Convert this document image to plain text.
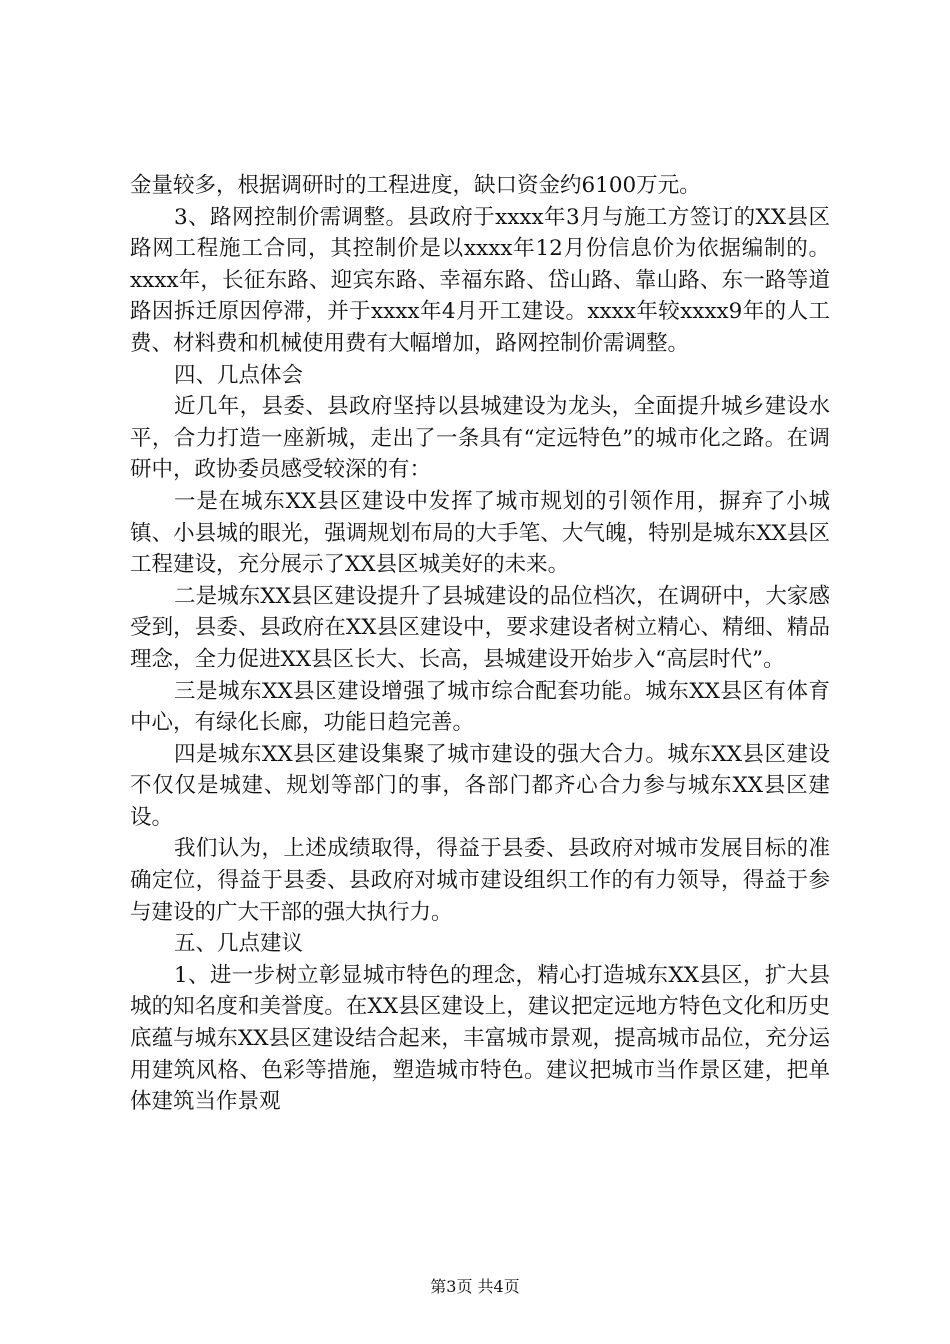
金量较多，根据调研时的工程进度，缺口资金约6100万元。

3、路网控制价需调整。县政府于xxxx年3月与施工方签订的XX县区路网工程施工合同，其控制价是以xxxx年12月份信息价为依据编制的。xxxx年，长征东路、迎宾东路、幸福东路、岱山路、靠山路、东一路等道路因拆迁原因停滞，并于xxxx年4月开工建设。xxxx年较xxxx9年的人工费、材料费和机械使用费有大幅增加，路网控制价需调整。

四、几点体会

近几年，县委、县政府坚持以县城建设为龙头，全面提升城乡建设水平，合力打造一座新城，走出了一条具有“定远特色”的城市化之路。在调研中，政协委员感受较深的有：

一是在城东XX县区建设中发挥了城市规划的引领作用，摒弃了小城镇、小县城的眼光，强调规划布局的大手笔、大气魄，特别是城东XX县区工程建设，充分展示了XX县区城美好的未来。

二是城东XX县区建设提升了县城建设的品位档次，在调研中，大家感受到，县委、县政府在XX县区建设中，要求建设者树立精心、精细、精品理念，全力促进XX县区长大、长高，县城建设开始步入“高层时代”。

三是城东XX县区建设增强了城市综合配套功能。城东XX县区有体育中心，有绿化长廊，功能日趋完善。

四是城东XX县区建设集聚了城市建设的强大合力。城东XX县区建设不仅仅是城建、规划等部门的事，各部门都齐心合力参与城东XX县区建设。

我们认为，上述成绩取得，得益于县委、县政府对城市发展目标的准确定位，得益于县委、县政府对城市建设组织工作的有力领导，得益于参与建设的广大干部的强大执行力。

五、几点建议

1、进一步树立彰显城市特色的理念，精心打造城东XX县区，扩大县城的知名度和美誉度。在XX县区建设上，建议把定远地方特色文化和历史底蕴与城东XX县区建设结合起来，丰富城市景观，提高城市品位，充分运用建筑风格、色彩等措施，塑造城市特色。建议把城市当作景区建，把单体建筑当作景观

第3页 共4页
